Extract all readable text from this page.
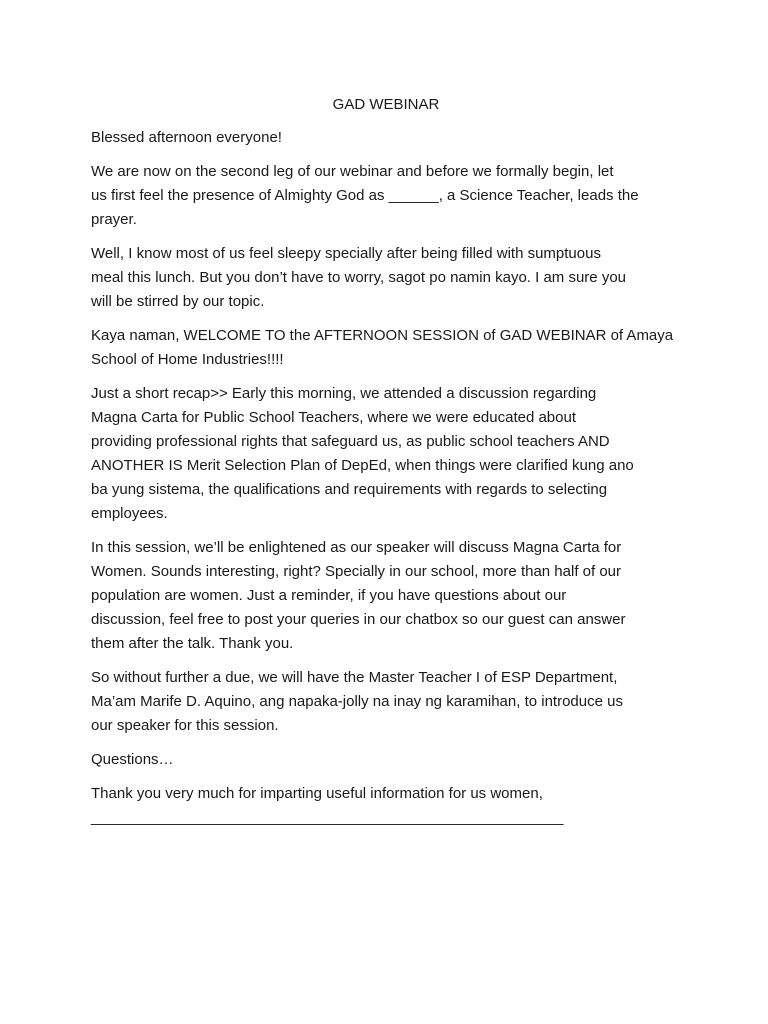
GAD WEBINAR

Blessed afternoon everyone!

We are now on the second leg of our webinar and before we formally begin, let
us first feel the presence of Almighty God as ______, a Science Teacher, leads the
prayer.

Well, I know most of us feel sleepy specially after being filled with sumptuous
meal this lunch. But you don’t have to worry, sagot po namin kayo. I am sure you
will be stirred by our topic.

Kaya naman, WELCOME TO the AFTERNOON SESSION of GAD WEBINAR of Amaya
School of Home Industries!!!!

Just a short recap>> Early this morning, we attended a discussion regarding
Magna Carta for Public School Teachers, where we were educated about
providing professional rights that safeguard us, as public school teachers AND
ANOTHER IS Merit Selection Plan of DepEd, when things were clarified kung ano
ba yung sistema, the qualifications and requirements with regards to selecting
employees.

In this session, we’ll be enlightened as our speaker will discuss Magna Carta for
Women. Sounds interesting, right? Specially in our school, more than half of our
population are women. Just a reminder, if you have questions about our
discussion, feel free to post your queries in our chatbox so our guest can answer
them after the talk. Thank you.

So without further a due, we will have the Master Teacher I of ESP Department,
Ma’am Marife D. Aquino, ang napaka-jolly na inay ng karamihan, to introduce us
our speaker for this session.

Questions…

Thank you very much for imparting useful information for us women,
__________________________________________________________
